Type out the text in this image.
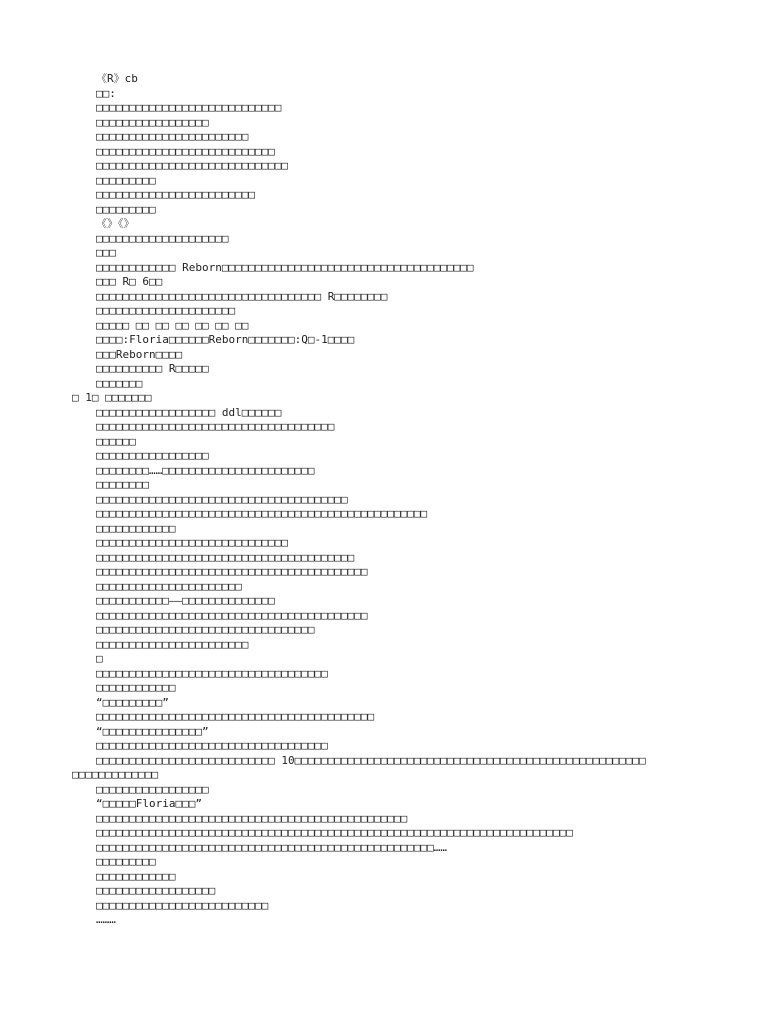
《R》cb
□□:
□□□□□□□□□□□□□□□□□□□□□□□□□□□□
□□□□□□□□□□□□□□□□□
□□□□□□□□□□□□□□□□□□□□□□□
□□□□□□□□□□□□□□□□□□□□□□□□□□□
□□□□□□□□□□□□□□□□□□□□□□□□□□□□□
□□□□□□□□□
□□□□□□□□□□□□□□□□□□□□□□□□
□□□□□□□□□
《》《》
□□□□□□□□□□□□□□□□□□□□
□□□
□□□□□□□□□□□□ Reborn□□□□□□□□□□□□□□□□□□□□□□□□□□□□□□□□□□□□□□
□□□ R□ 6□□
□□□□□□□□□□□□□□□□□□□□□□□□□□□□□□□□□□ R□□□□□□□□
□□□□□□□□□□□□□□□□□□□□□
□□□□□ □□ □□ □□ □□ □□ □□
□□□□:Floria□□□□□□Reborn□□□□□□□:Q□-1□□□□
□□□Reborn□□□□
□□□□□□□□□□ R□□□□□
□□□□□□□
□ 1□ □□□□□□□
□□□□□□□□□□□□□□□□□□ ddl□□□□□□
□□□□□□□□□□□□□□□□□□□□□□□□□□□□□□□□□□□□
□□□□□□
□□□□□□□□□□□□□□□□□
□□□□□□□□……□□□□□□□□□□□□□□□□□□□□□□□
□□□□□□□□
□□□□□□□□□□□□□□□□□□□□□□□□□□□□□□□□□□□□□□
□□□□□□□□□□□□□□□□□□□□□□□□□□□□□□□□□□□□□□□□□□□□□□□□□□
□□□□□□□□□□□□
□□□□□□□□□□□□□□□□□□□□□□□□□□□□□
□□□□□□□□□□□□□□□□□□□□□□□□□□□□□□□□□□□□□□□
□□□□□□□□□□□□□□□□□□□□□□□□□□□□□□□□□□□□□□□□□
□□□□□□□□□□□□□□□□□□□□□□
□□□□□□□□□□□——□□□□□□□□□□□□□□
□□□□□□□□□□□□□□□□□□□□□□□□□□□□□□□□□□□□□□□□□
□□□□□□□□□□□□□□□□□□□□□□□□□□□□□□□□□
□□□□□□□□□□□□□□□□□□□□□□□
□
□□□□□□□□□□□□□□□□□□□□□□□□□□□□□□□□□□□
□□□□□□□□□□□□
“□□□□□□□□□”
□□□□□□□□□□□□□□□□□□□□□□□□□□□□□□□□□□□□□□□□□□
“□□□□□□□□□□□□□□□”
□□□□□□□□□□□□□□□□□□□□□□□□□□□□□□□□□□□
□□□□□□□□□□□□□□□□□□□□□□□□□□□ 10□□□□□□□□□□□□□□□□□□□□□□□□□□□□□□□□□□□□□□□□□□□□□□□□□□□□□
□□□□□□□□□□□□□
□□□□□□□□□□□□□□□□□
“□□□□□Floria□□□”
□□□□□□□□□□□□□□□□□□□□□□□□□□□□□□□□□□□□□□□□□□□□□□□
□□□□□□□□□□□□□□□□□□□□□□□□□□□□□□□□□□□□□□□□□□□□□□□□□□□□□□□□□□□□□□□□□□□□□□□□
□□□□□□□□□□□□□□□□□□□□□□□□□□□□□□□□□□□□□□□□□□□□□□□□□□□……
□□□□□□□□□
□□□□□□□□□□□□
□□□□□□□□□□□□□□□□□□
□□□□□□□□□□□□□□□□□□□□□□□□□□
………
